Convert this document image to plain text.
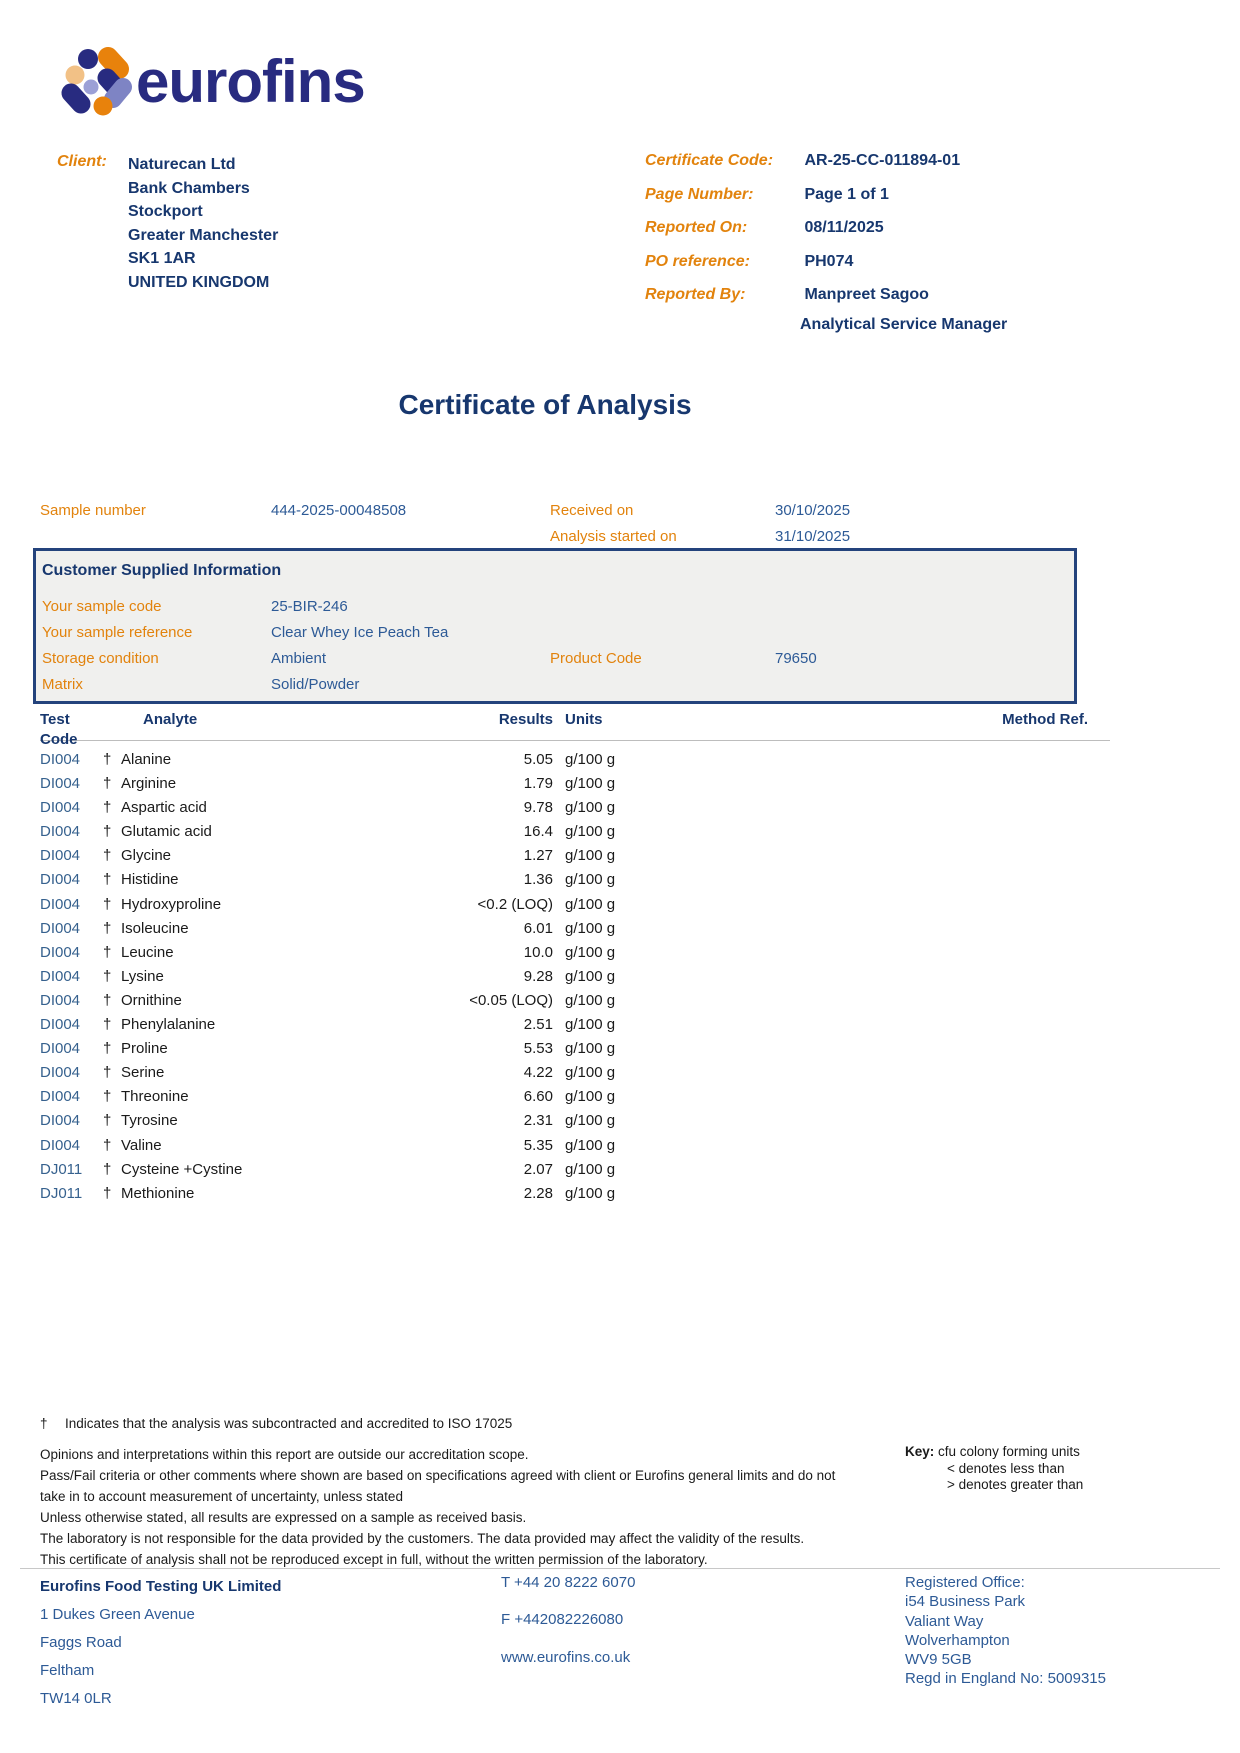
eurofins
Client:	Naturecan Ltd
Bank Chambers
Stockport
Greater Manchester
SK1 1AR
UNITED KINGDOM
Certificate Code: AR-25-CC-011894-01
Page Number:	Page 1 of 1
Reported On:	08/11/2025
PO reference:	PH074
Reported By:	Manpreet Sagoo
Analytical Service Manager
Certificate of Analysis
Sample number	444-2025-00048508	Received on	30/10/2025
Analysis started on	31/10/2025
Customer Supplied Information
Your sample code	25-BIR-246
Your sample reference	Clear Whey Ice Peach Tea
Storage condition	Ambient	Product Code	79650
Matrix	Solid/Powder
Test Code
Analyte	Results Units	Method Ref.
DI004	† Alanine	5.05 g/100 g
DI004	† Arginine	1.79 g/100 g
DI004	† Aspartic acid	9.78 g/100 g
DI004	† Glutamic acid	16.4 g/100 g
DI004	† Glycine	1.27 g/100 g
DI004	† Histidine	1.36 g/100 g
DI004	† Hydroxyproline	<0.2 (LOQ) g/100 g
DI004	† Isoleucine	6.01 g/100 g
DI004	† Leucine	10.0 g/100 g
DI004	† Lysine	9.28 g/100 g
DI004	† Ornithine	<0.05 (LOQ) g/100 g
DI004	† Phenylalanine	2.51 g/100 g
DI004	† Proline	5.53 g/100 g
DI004	† Serine	4.22 g/100 g
DI004	† Threonine	6.60 g/100 g
DI004	† Tyrosine	2.31 g/100 g
DI004	† Valine	5.35 g/100 g
DJ011	† Cysteine +Cystine	2.07 g/100 g
DJ011	† Methionine	2.28 g/100 g
†	Indicates that the analysis was subcontracted and accredited to ISO 17025
Opinions and interpretations within this report are outside our accreditation scope.
Pass/Fail criteria or other comments where shown are based on specifications agreed with client or Eurofins general limits and do not
take in to account measurement of uncertainty, unless stated
Unless otherwise stated, all results are expressed on a sample as received basis.
The laboratory is not responsible for the data provided by the customers. The data provided may affect the validity of the results.
This certificate of analysis shall not be reproduced except in full, without the written permission of the laboratory.
Key: cfu colony forming units
< denotes less than
> denotes greater than
Eurofins Food Testing UK Limited
1 Dukes Green Avenue
Faggs Road
Feltham
TW14 0LR
T +44 20 8222 6070
F +442082226080
www.eurofins.co.uk
Registered Office:
i54 Business Park
Valiant Way
Wolverhampton
WV9 5GB
Regd in England No: 5009315
